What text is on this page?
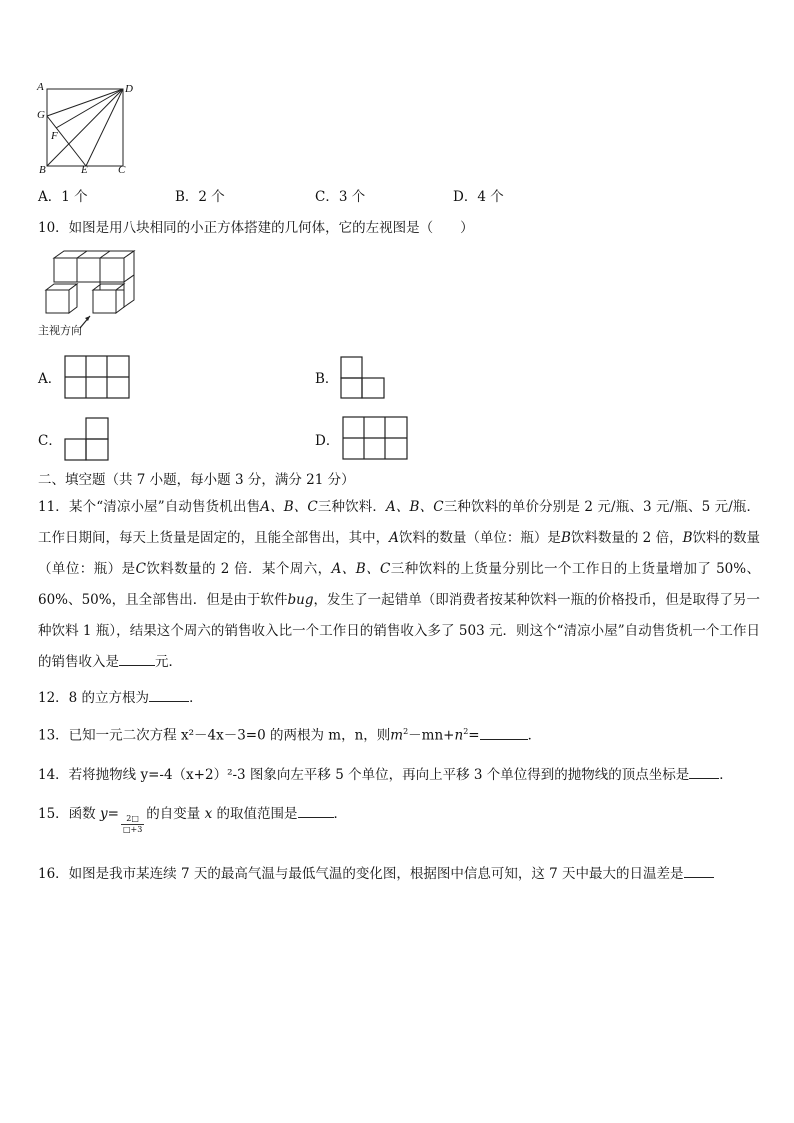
A	D
G
F
B	E	C
A．1 个	B．2 个	C．3 个	D．4 个
10．如图是用八块相同的小正方体搭建的几何体，它的左视图是（　　）
主视方向
A．	B．
C．	D．
二、填空题（共 7 小题，每小题 3 分，满分 21 分）
11．某个“清凉小屋”自动售货机出售A、B、C三种饮料．A、B、C三种饮料的单价分别是 2 元/瓶、3 元/瓶、5 元/瓶．工作日期间，每天上货量是固定的，且能全部售出，其中，A饮料的数量（单位：瓶）是B饮料数量的 2 倍，B饮料的数量（单位：瓶）是C饮料数量的 2 倍．某个周六，A、B、C三种饮料的上货量分别比一个工作日的上货量增加了 50%、60%、50%，且全部售出．但是由于软件bug，发生了一起错单（即消费者按某种饮料一瓶的价格投币，但是取得了另一种饮料 1 瓶），结果这个周六的销售收入比一个工作日的销售收入多了 503 元．则这个“清凉小屋”自动售货机一个工作日的销售收入是	元．
12．8 的立方根为	．
13．已知一元二次方程 x²－4x－3=0 的两根为 m，n，则$m^2-mn+n^2=$	．
14．若将抛物线 y=-4（x+2）²-3 图象向左平移 5 个单位，再向上平移 3 个单位得到的抛物线的顶点坐标是 ．
15．函数 $y= \frac{2□}{□+3}$ 的自变量 x 的取值范围是	．
16．如图是我市某连续 7 天的最高气温与最低气温的变化图，根据图中信息可知，这 7 天中最大的日温差是
